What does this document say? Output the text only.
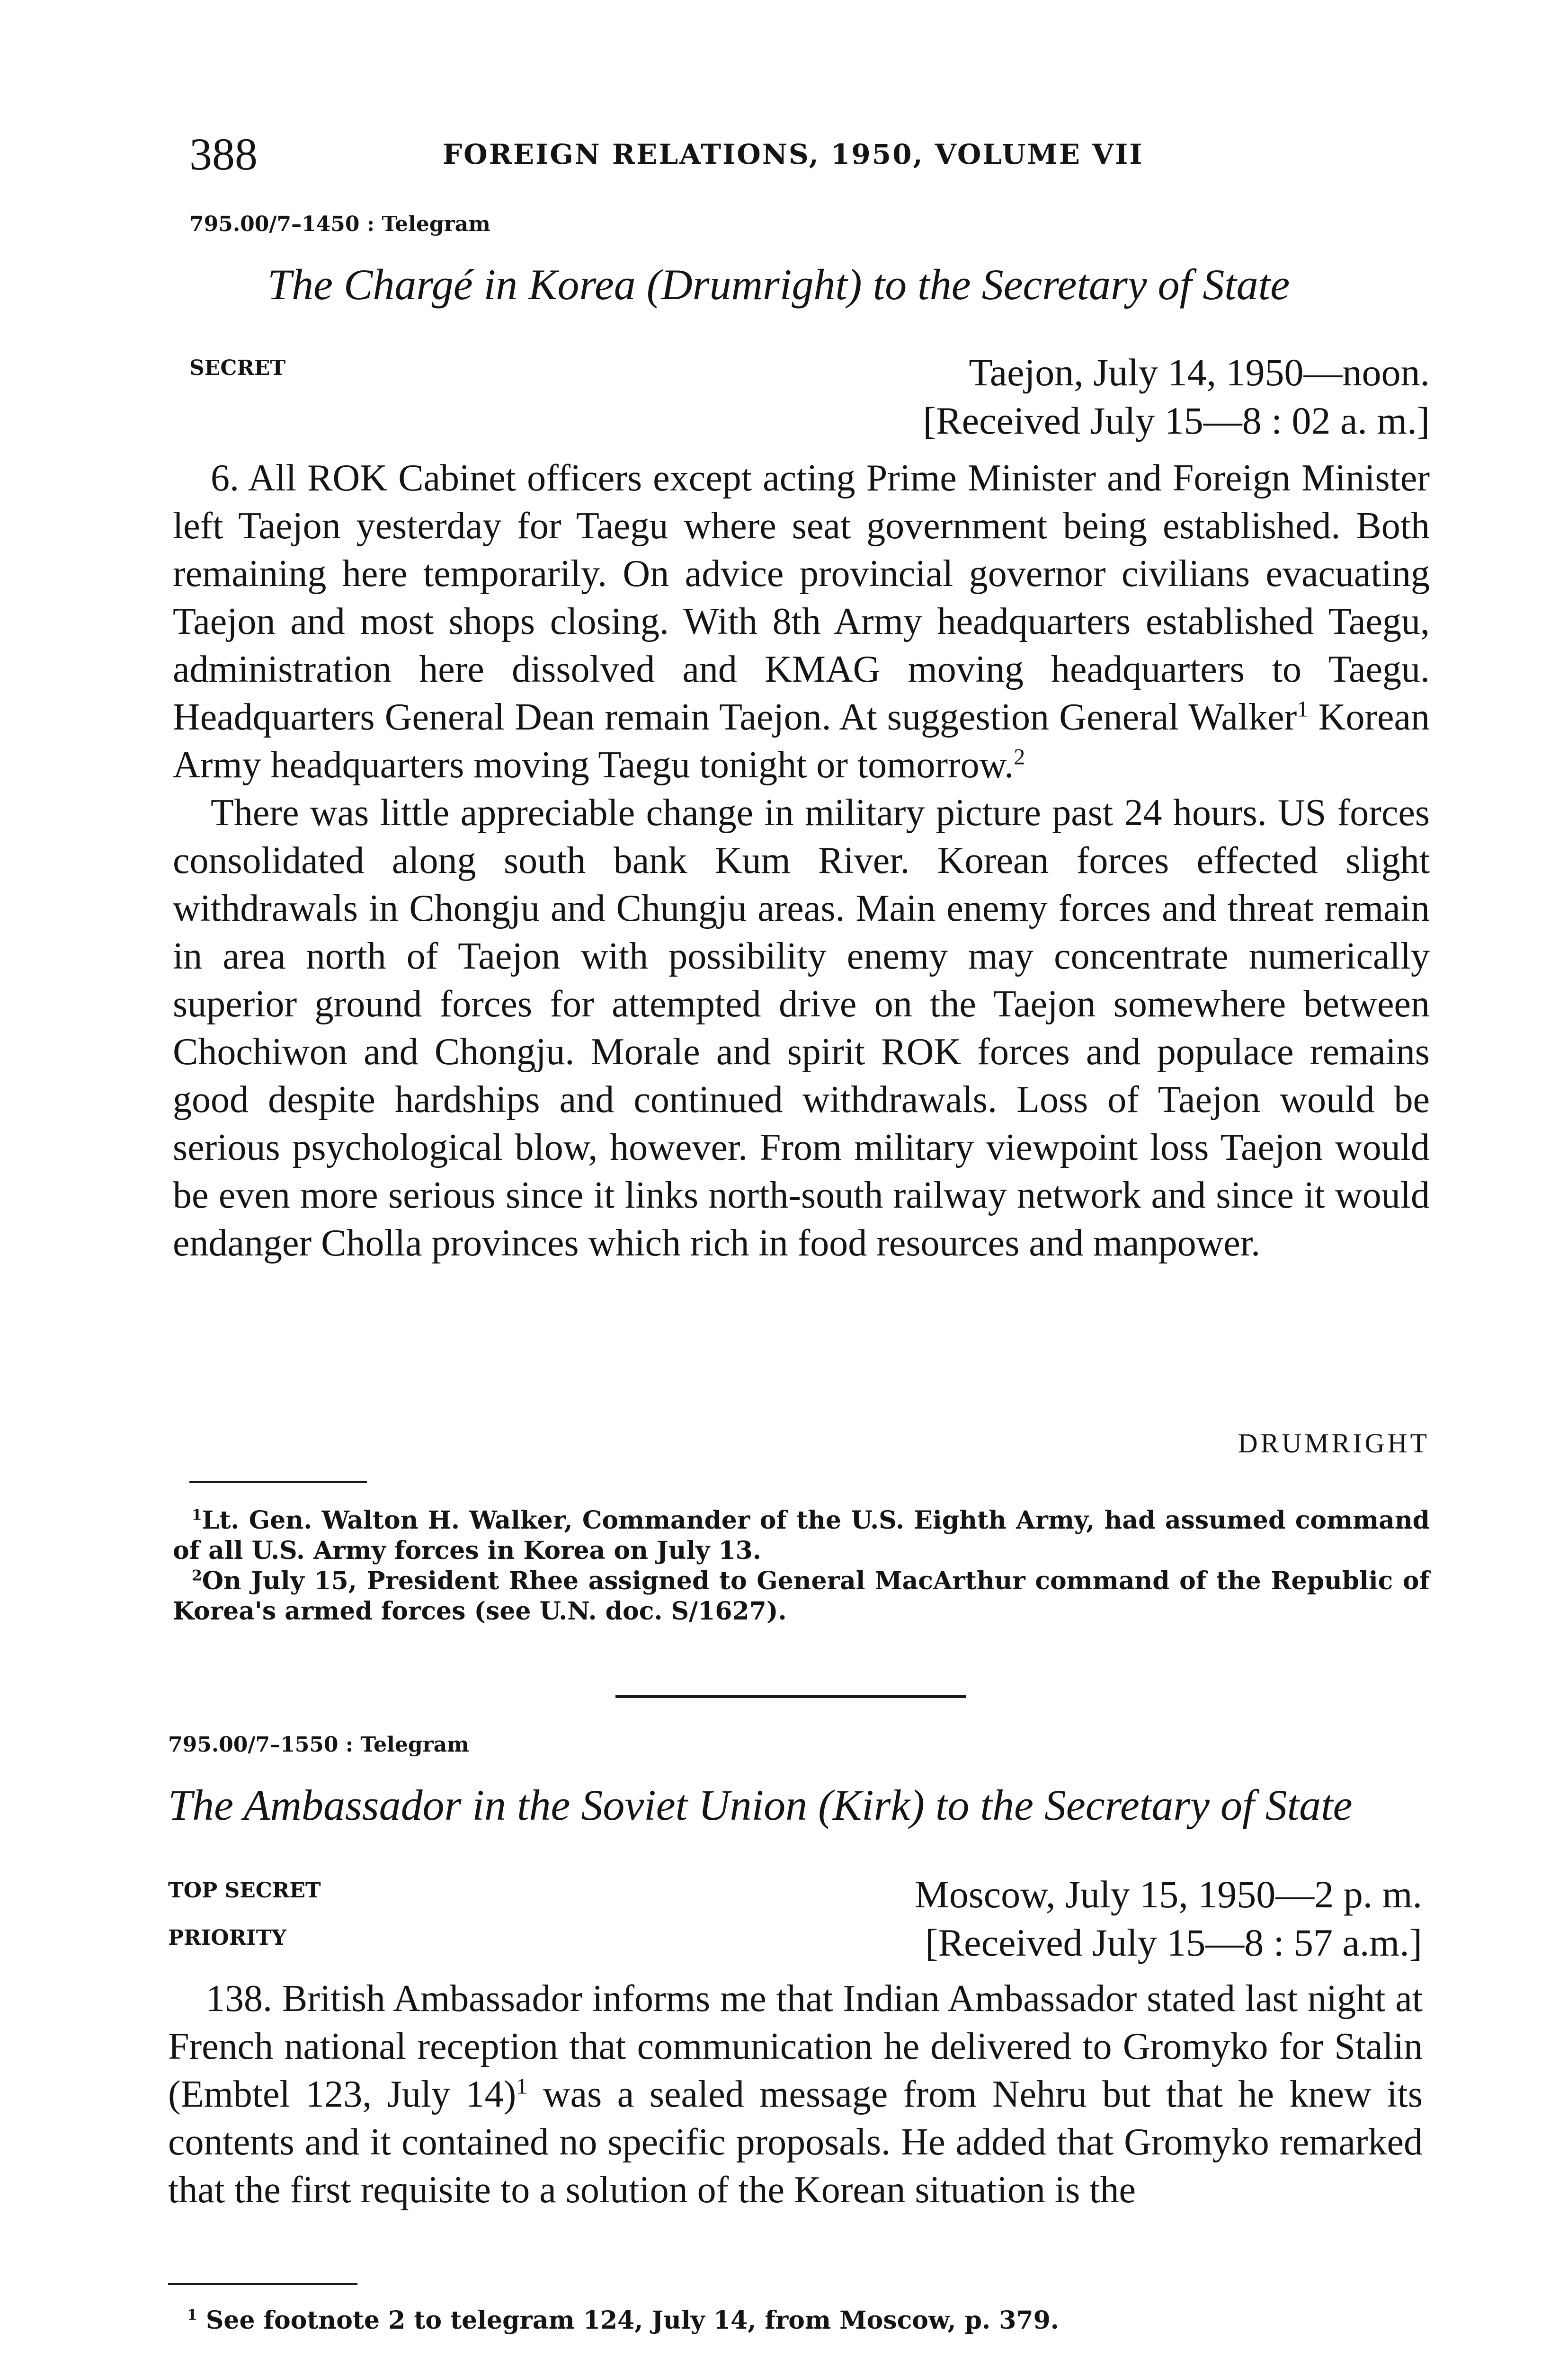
388	FOREIGN RELATIONS, 1950, VOLUME VII
795.00/7–1450 : Telegram
The Chargé in Korea (Drumright) to the Secretary of State
SECRET	Taejon, July 14, 1950—noon.
[Received July 15—8 : 02 a. m.]

6. All ROK Cabinet officers except acting Prime Minister and Foreign Minister left Taejon yesterday for Taegu where seat government being established. Both remaining here temporarily. On advice provincial governor civilians evacuating Taejon and most shops closing. With 8th Army headquarters established Taegu, administration here dissolved and KMAG moving headquarters to Taegu. Headquarters General Dean remain Taejon. At suggestion General Walker$^1$ Korean Army headquarters moving Taegu tonight or tomorrow.$^2$

There was little appreciable change in military picture past 24 hours. US forces consolidated along south bank Kum River. Korean forces effected slight withdrawals in Chongju and Chungju areas. Main enemy forces and threat remain in area north of Taejon with possibility enemy may concentrate numerically superior ground forces for attempted drive on the Taejon somewhere between Chochiwon and Chongju. Morale and spirit ROK forces and populace remains good despite hardships and continued withdrawals. Loss of Taejon would be serious psychological blow, however. From military viewpoint loss Taejon would be even more serious since it links north-south railway network and since it would endanger Cholla provinces which rich in food resources and manpower.

DRUMRIGHT

$^1$Lt. Gen. Walton H. Walker, Commander of the U.S. Eighth Army, had assumed command of all U.S. Army forces in Korea on July 13.

$^2$On July 15, President Rhee assigned to General MacArthur command of the Republic of Korea's armed forces (see U.N. doc. S/1627).

795.00/7–1550 : Telegram
The Ambassador in the Soviet Union (Kirk) to the Secretary of State
TOP SECRET
PRIORITY
Moscow, July 15, 1950—2 p. m.
[Received July 15—8 : 57 a.m.]

138. British Ambassador informs me that Indian Ambassador stated last night at French national reception that communication he delivered to Gromyko for Stalin (Embtel 123, July 14)$^1$ was a sealed message from Nehru but that he knew its contents and it contained no specific proposals. He added that Gromyko remarked that the first requisite to a solution of the Korean situation is the

$^1$ See footnote 2 to telegram 124, July 14, from Moscow, p. 379.
